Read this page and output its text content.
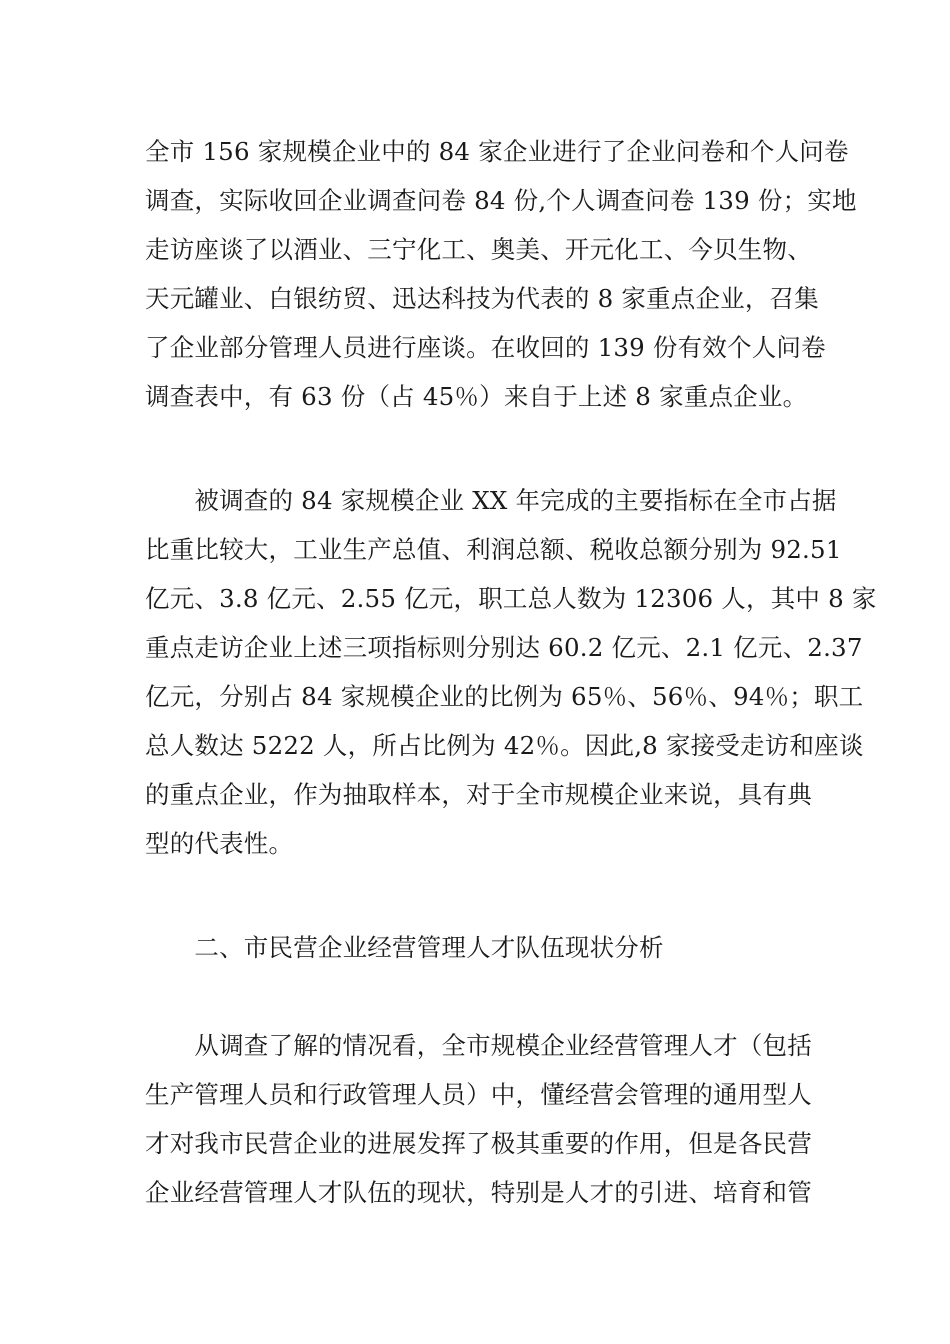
全市 156 家规模企业中的 84 家企业进行了企业问卷和个人问卷
调查，实际收回企业调查问卷 84 份,个人调查问卷 139 份；实地
走访座谈了以酒业、三宁化工、奥美、开元化工、今贝生物、
天元罐业、白银纺贸、迅达科技为代表的 8 家重点企业，召集
了企业部分管理人员进行座谈。在收回的 139 份有效个人问卷
调查表中，有 63 份（占 45％）来自于上述 8 家重点企业。
　　被调查的 84 家规模企业 XX 年完成的主要指标在全市占据
比重比较大，工业生产总值、利润总额、税收总额分别为 92.51
亿元、3.8 亿元、2.55 亿元，职工总人数为 12306 人，其中 8 家
重点走访企业上述三项指标则分别达 60.2 亿元、2.1 亿元、2.37
亿元，分别占 84 家规模企业的比例为 65％、56％、94％；职工
总人数达 5222 人，所占比例为 42％。因此,8 家接受走访和座谈
的重点企业，作为抽取样本，对于全市规模企业来说，具有典
型的代表性。
　　二、市民营企业经营管理人才队伍现状分析
　　从调查了解的情况看，全市规模企业经营管理人才（包括
生产管理人员和行政管理人员）中，懂经营会管理的通用型人
才对我市民营企业的进展发挥了极其重要的作用，但是各民营
企业经营管理人才队伍的现状，特别是人才的引进、培育和管
